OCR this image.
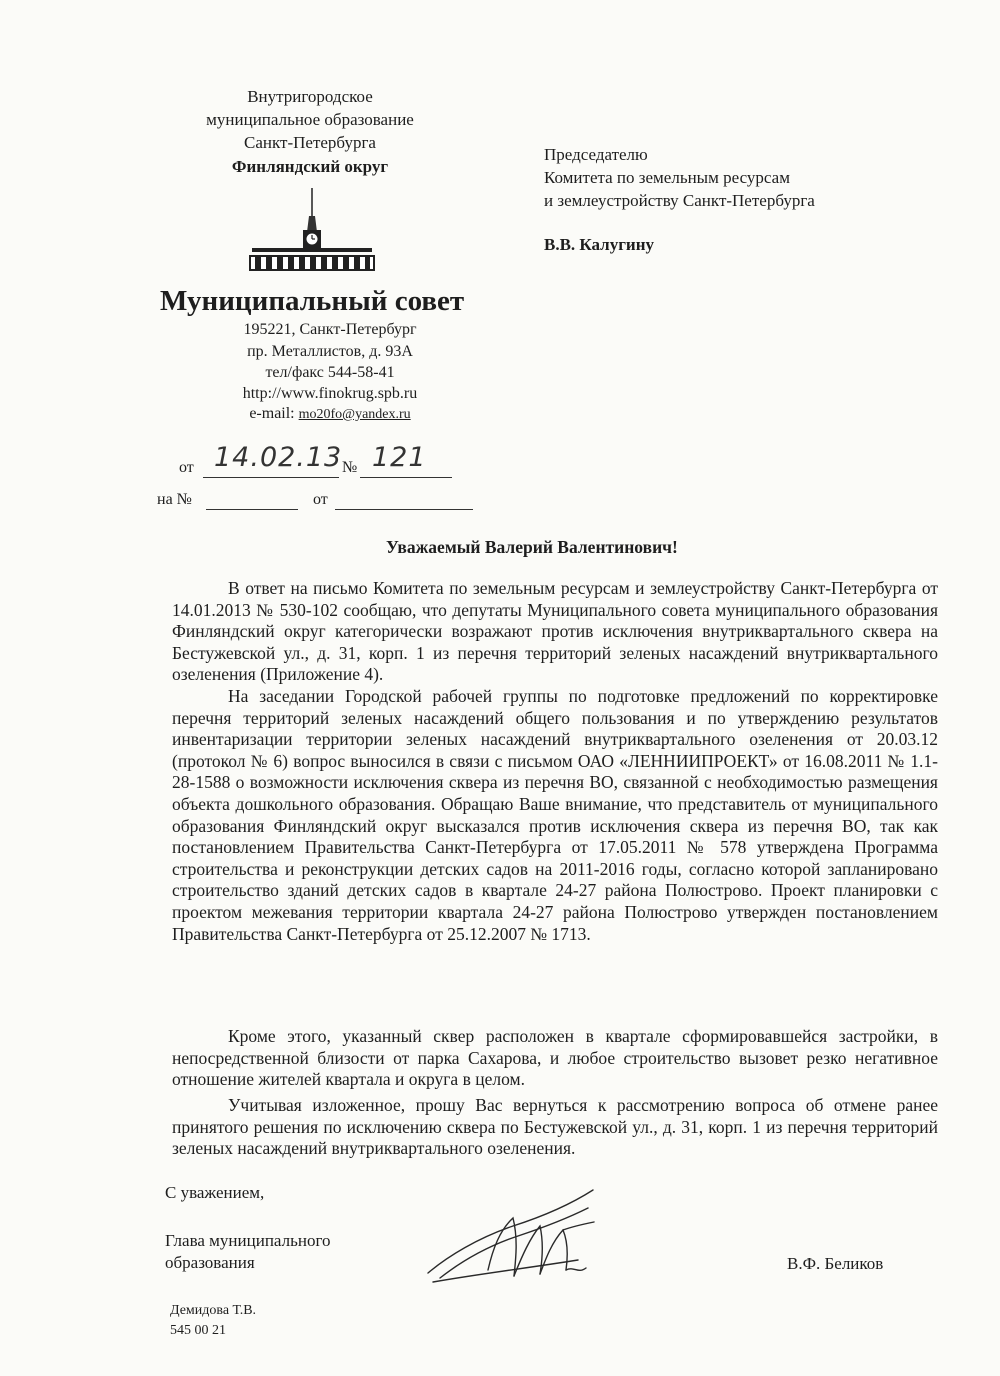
Внутригородское
муниципальное образование
Санкт-Петербурга
Финляндский округ
Муниципальный совет
195221, Санкт-Петербург
пр. Металлистов, д. 93А
тел/факс 544-58-41
http://www.finokrug.spb.ru
e-mail: mo20fo@yandex.ru
от 14.02.13 № 121
на №	от
Председателю
Комитета по земельным ресурсам
и землеустройству Санкт-Петербурга
В.В. Калугину
Уважаемый Валерий Валентинович!
В ответ на письмо Комитета по земельным ресурсам и землеустройству Санкт-Петербурга от 14.01.2013 № 530-102 сообщаю, что депутаты Муниципального совета муниципального образования Финляндский округ категорически возражают против исключения внутриквартального сквера на Бестужевской ул., д. 31, корп. 1 из перечня территорий зеленых насаждений внутриквартального озеленения (Приложение 4).
На заседании Городской рабочей группы по подготовке предложений по корректировке перечня территорий зеленых насаждений общего пользования и по утверждению результатов инвентаризации территории зеленых насаждений внутриквартального озеленения от 20.03.12 (протокол № 6) вопрос выносился в связи с письмом ОАО «ЛЕННИИПРОЕКТ» от 16.08.2011 № 1.1-28-1588 о возможности исключения сквера из перечня ВО, связанной с необходимостью размещения объекта дошкольного образования. Обращаю Ваше внимание, что представитель от муниципального образования Финляндский округ высказался против исключения сквера из перечня ВО, так как постановлением Правительства Санкт-Петербурга от 17.05.2011 № 578 утверждена Программа строительства и реконструкции детских садов на 2011-2016 годы, согласно которой запланировано строительство зданий детских садов в квартале 24-27 района Полюстрово. Проект планировки с проектом межевания территории квартала 24-27 района Полюстрово утвержден постановлением Правительства Санкт-Петербурга от 25.12.2007 № 1713.
Кроме этого, указанный сквер расположен в квартале сформировавшейся застройки, в непосредственной близости от парка Сахарова, и любое строительство вызовет резко негативное отношение жителей квартала и округа в целом.
Учитывая изложенное, прошу Вас вернуться к рассмотрению вопроса об отмене ранее принятого решения по исключению сквера по Бестужевской ул., д. 31, корп. 1 из перечня территорий зеленых насаждений внутриквартального озеленения.
С уважением,
Глава муниципального
образования	В.Ф. Беликов
Демидова Т.В.
545 00 21
